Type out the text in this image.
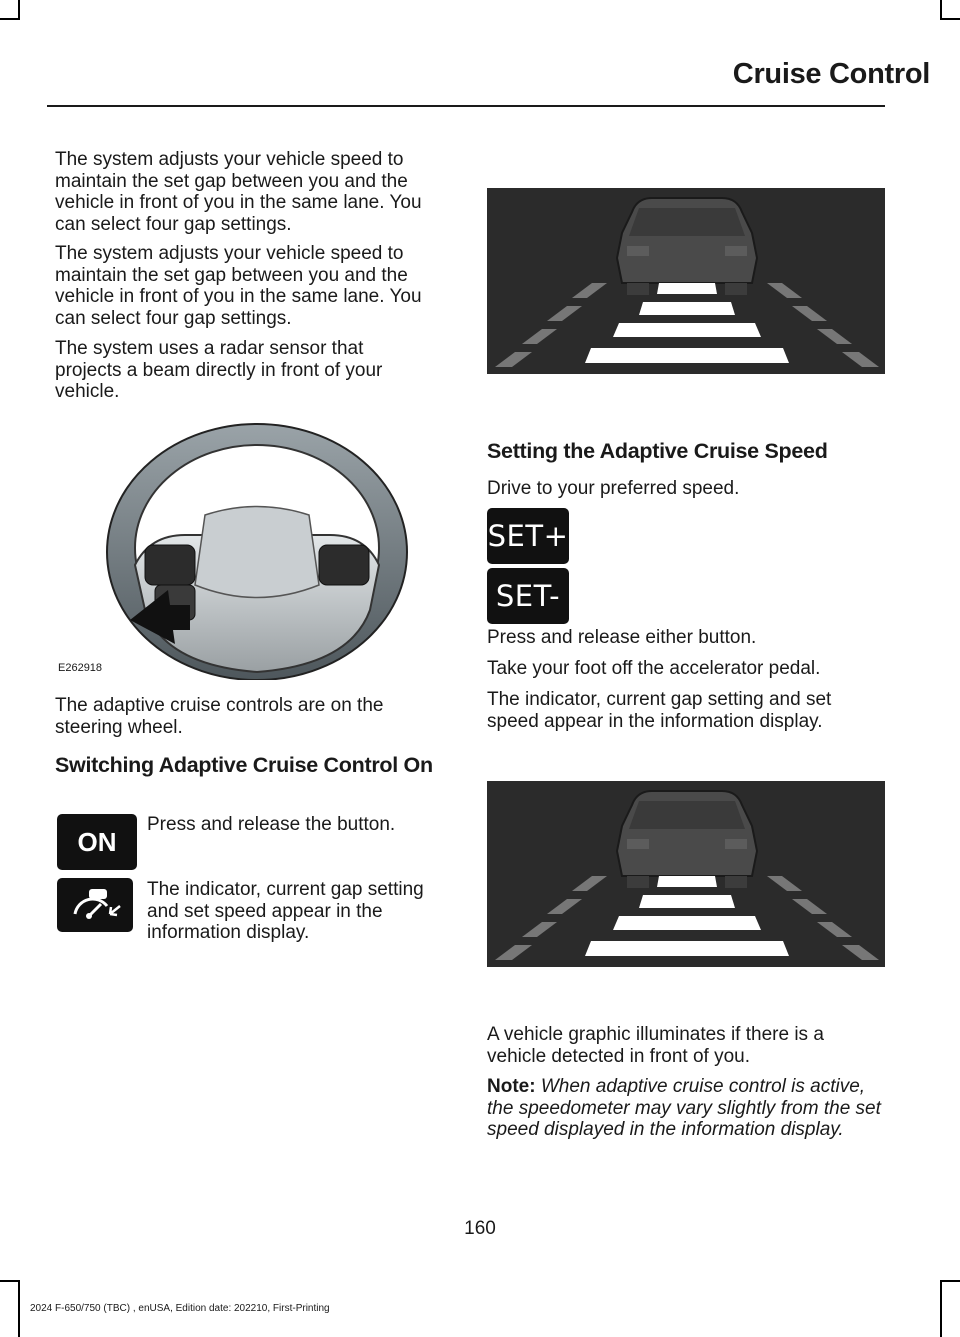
Cruise Control

The system adjusts your vehicle speed to maintain the set gap between you and the vehicle in front of you in the same lane. You can select four gap settings.

The system adjusts your vehicle speed to maintain the set gap between you and the vehicle in front of you in the same lane. You can select four gap settings.

The system uses a radar sensor that projects a beam directly in front of your vehicle.

E262918

The adaptive cruise controls are on the steering wheel.

Switching Adaptive Cruise Control On
ON

Press and release the button.

The indicator, current gap setting and set speed appear in the information display.

Setting the Adaptive Cruise Speed

Drive to your preferred speed.

SET+
SET-

Press and release either button.

Take your foot off the accelerator pedal.

The indicator, current gap setting and set speed appear in the information display.

A vehicle graphic illuminates if there is a vehicle detected in front of you.

Note: When adaptive cruise control is active, the speedometer may vary slightly from the set speed displayed in the information display.

160
2024 F-650/750 (TBC) , enUSA, Edition date: 202210, First-Printing
